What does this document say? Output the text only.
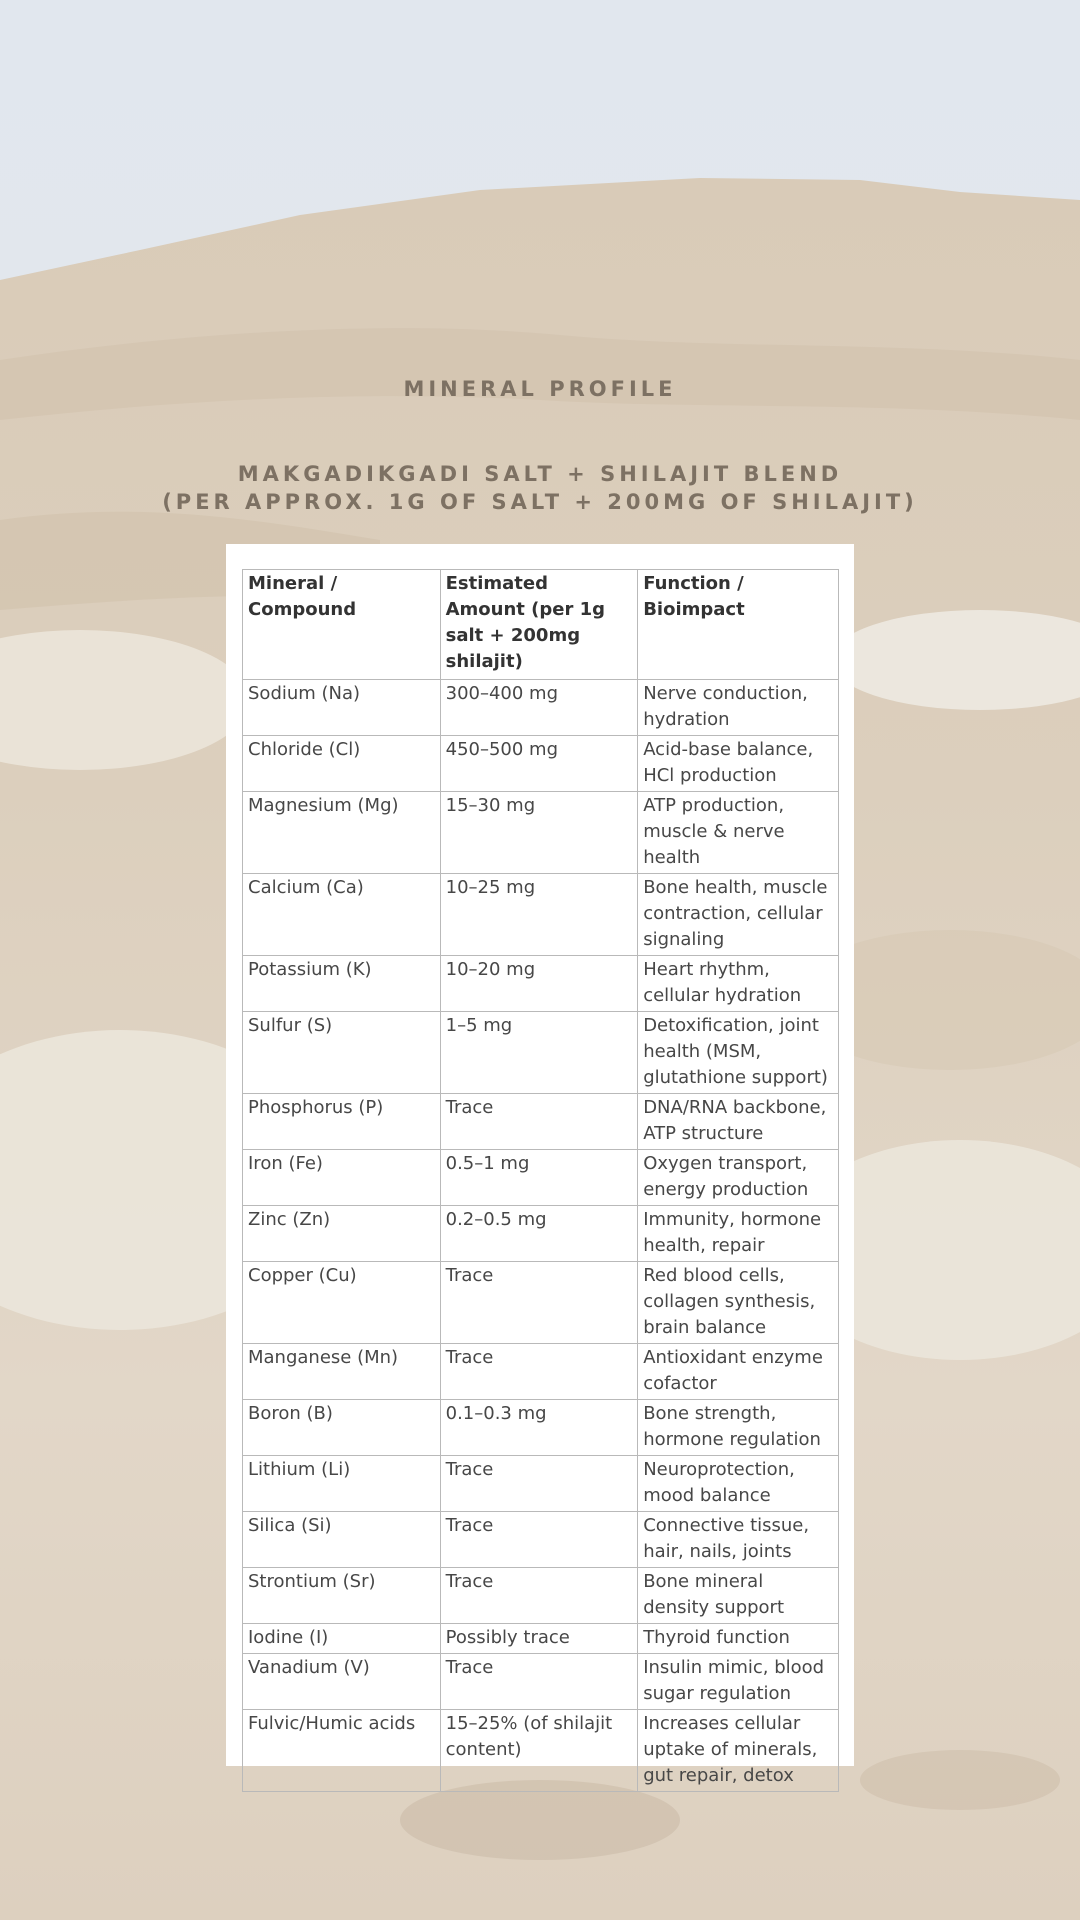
MINERAL PROFILE
MAKGADIKGADI SALT + SHILAJIT BLEND
(PER APPROX. 1G OF SALT + 200MG OF SHILAJIT)
Mineral / Compound	Estimated Amount (per 1g salt + 200mg shilajit)	Function / Bioimpact
Sodium (Na)	300–400 mg	Nerve conduction, hydration
Chloride (Cl)	450–500 mg	Acid-base balance, HCl production
Magnesium (Mg)	15–30 mg	ATP production, muscle & nerve health
Calcium (Ca)	10–25 mg	Bone health, muscle contraction, cellular signaling
Potassium (K)	10–20 mg	Heart rhythm, cellular hydration
Sulfur (S)	1–5 mg	Detoxification, joint health (MSM, glutathione support)
Phosphorus (P)	Trace	DNA/RNA backbone, ATP structure
Iron (Fe)	0.5–1 mg	Oxygen transport, energy production
Zinc (Zn)	0.2–0.5 mg	Immunity, hormone health, repair
Copper (Cu)	Trace	Red blood cells, collagen synthesis, brain balance
Manganese (Mn)	Trace	Antioxidant enzyme cofactor
Boron (B)	0.1–0.3 mg	Bone strength, hormone regulation
Lithium (Li)	Trace	Neuroprotection, mood balance
Silica (Si)	Trace	Connective tissue, hair, nails, joints
Strontium (Sr)	Trace	Bone mineral density support
Iodine (I)	Possibly trace	Thyroid function
Vanadium (V)	Trace	Insulin mimic, blood sugar regulation
Fulvic/Humic acids	15–25% (of shilajit content)	Increases cellular uptake of minerals, gut repair, detox
